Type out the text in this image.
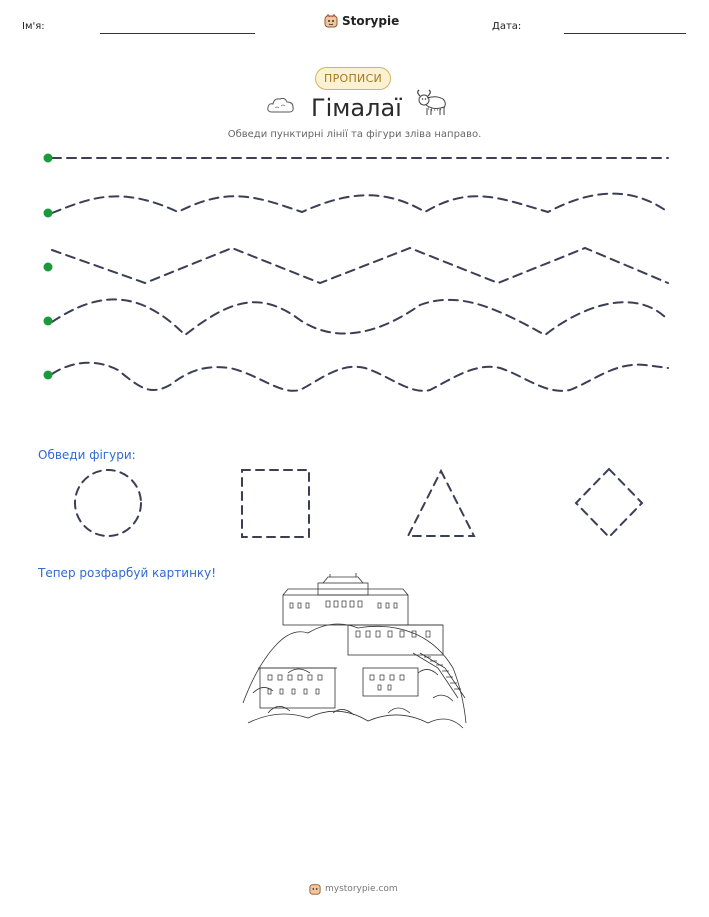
Ім'я:	Storypie	Дата:
ПРОПИСИ
Гімалаї
Обведи пунктирні лінії та фігури зліва направо.
Обведи фігури:
Тепер розфарбуй картинку!
mystorypie.com
